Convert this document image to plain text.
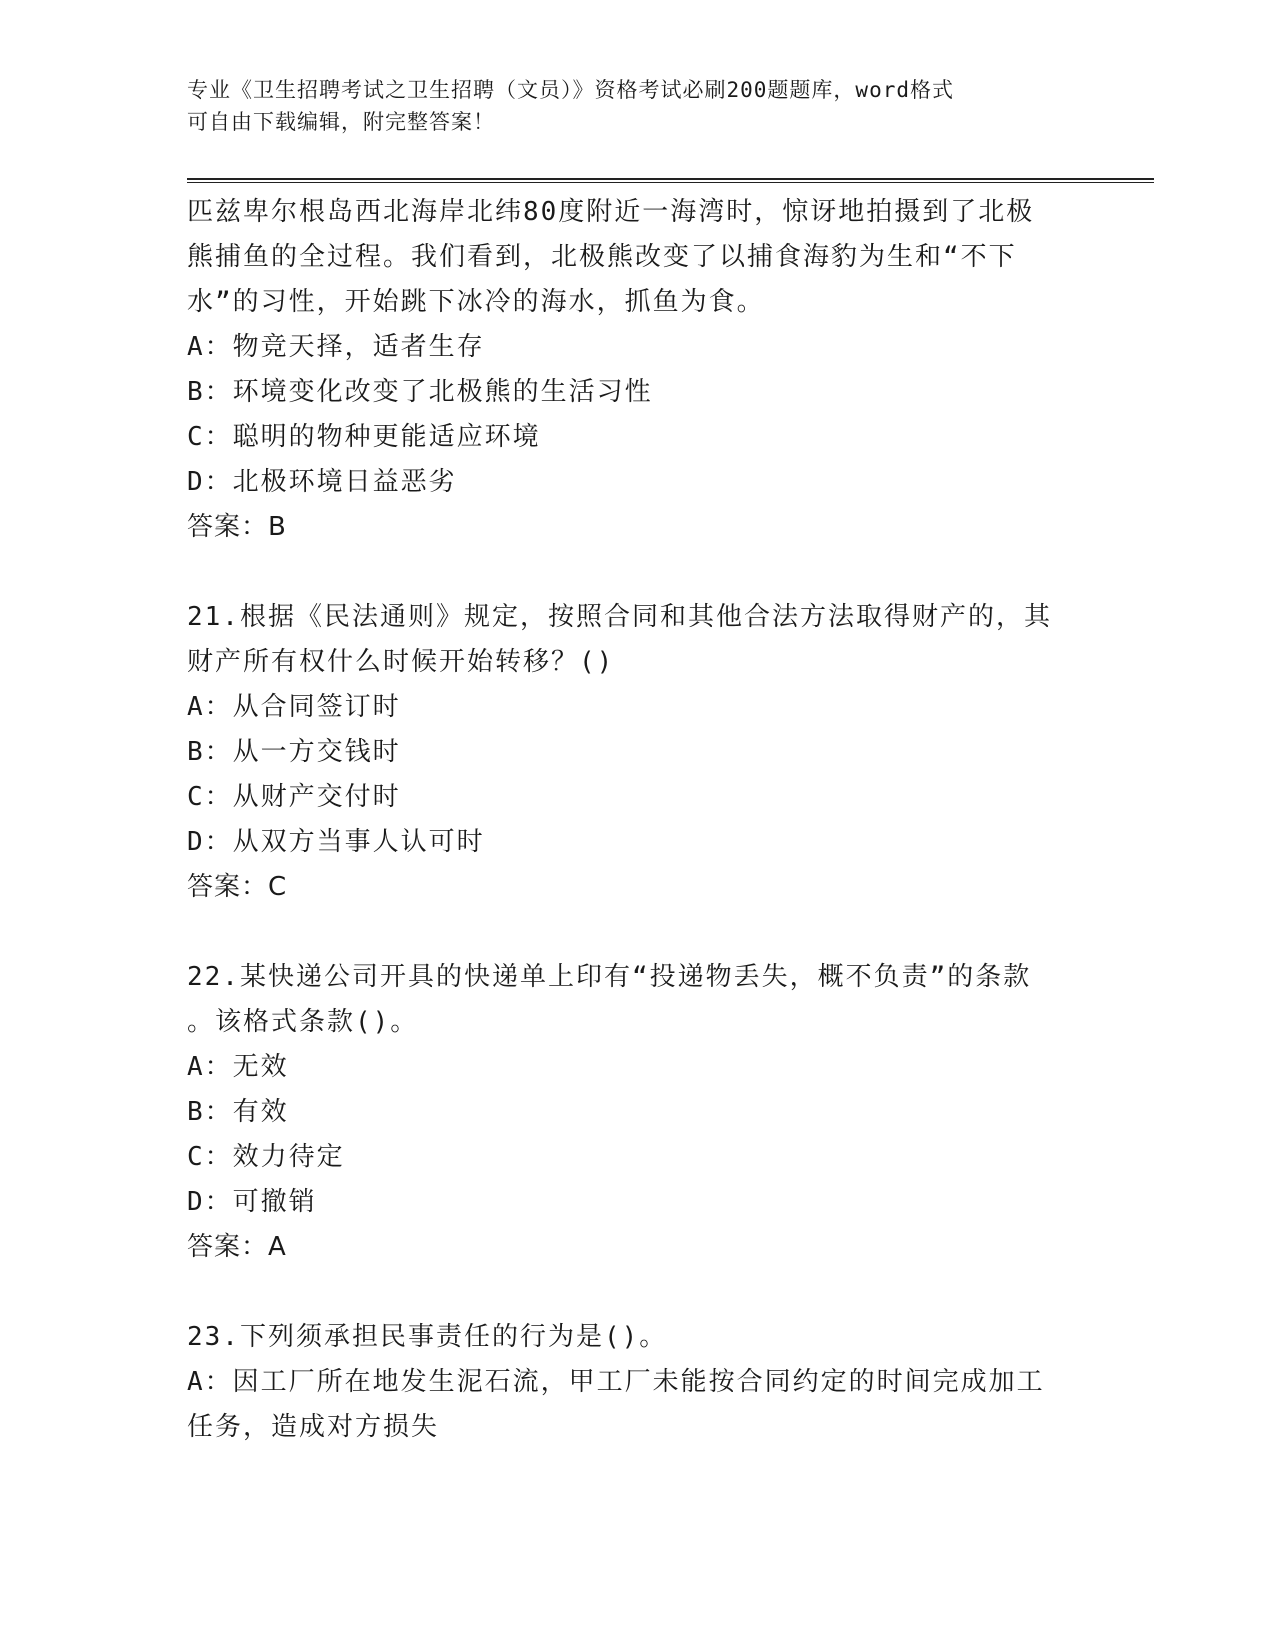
专业《卫生招聘考试之卫生招聘（文员）》资格考试必刷200题题库，word格式
可自由下载编辑，附完整答案！
匹兹卑尔根岛西北海岸北纬80度附近一海湾时，惊讶地拍摄到了北极
熊捕鱼的全过程。我们看到，北极熊改变了以捕食海豹为生和“不下
水”的习性，开始跳下冰冷的海水，抓鱼为食。
A：物竞天择，适者生存
B：环境变化改变了北极熊的生活习性
C：聪明的物种更能适应环境
D：北极环境日益恶劣
答案：B
21.根据《民法通则》规定，按照合同和其他合法方法取得财产的，其
财产所有权什么时候开始转移？()
A：从合同签订时
B：从一方交钱时
C：从财产交付时
D：从双方当事人认可时
答案：C
22.某快递公司开具的快递单上印有“投递物丢失，概不负责”的条款
。该格式条款()。
A：无效
B：有效
C：效力待定
D：可撤销
答案：A
23.下列须承担民事责任的行为是()。
A：因工厂所在地发生泥石流，甲工厂未能按合同约定的时间完成加工
任务，造成对方损失
